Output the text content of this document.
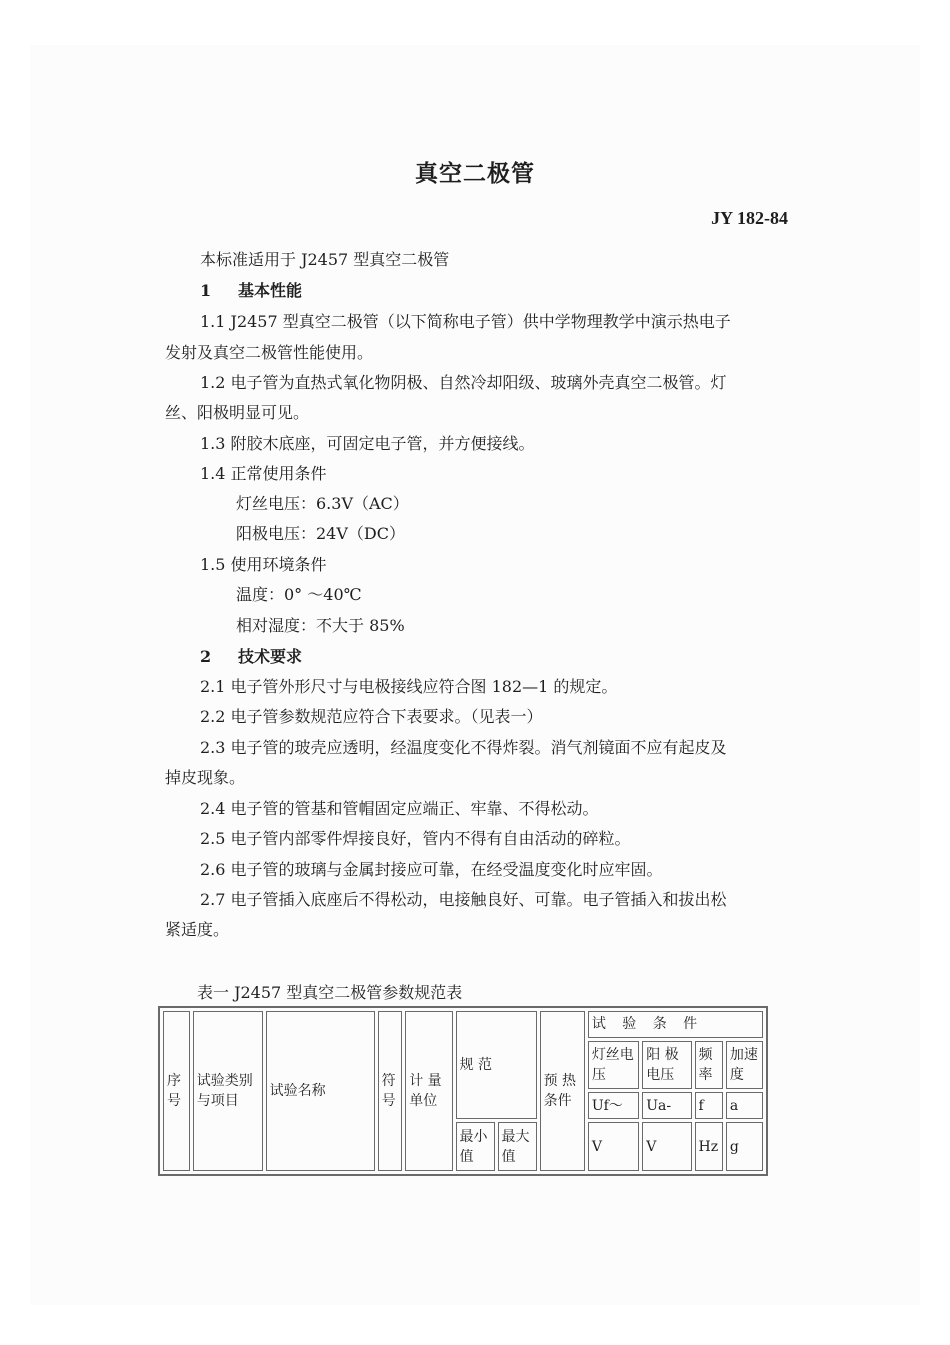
真空二极管
JY 182-84
本标准适用于 J2457 型真空二极管
1 基本性能
1.1 J2457 型真空二极管（以下简称电子管）供中学物理教学中演示热电子
发射及真空二极管性能使用。
1.2 电子管为直热式氧化物阴极、自然冷却阳级、玻璃外壳真空二极管。灯
丝、阳极明显可见。
1.3 附胶木底座，可固定电子管，并方便接线。
1.4 正常使用条件
灯丝电压：6.3V（AC）
阳极电压：24V（DC）
1.5 使用环境条件
温度：0° ～40℃
相对湿度：不大于 85%
2 技术要求
2.1 电子管外形尺寸与电极接线应符合图 182—1 的规定。
2.2 电子管参数规范应符合下表要求。（见表一）
2.3 电子管的玻壳应透明，经温度变化不得炸裂。消气剂镜面不应有起皮及
掉皮现象。
2.4 电子管的管基和管帽固定应端正、牢靠、不得松动。
2.5 电子管内部零件焊接良好，管内不得有自由活动的碎粒。
2.6 电子管的玻璃与金属封接应可靠，在经受温度变化时应牢固。
2.7 电子管插入底座后不得松动，电接触良好、可靠。电子管插入和拔出松
紧适度。
表一 J2457 型真空二极管参数规范表
序号	试验类别与项目	试验名称	符号	计 量单位	规 范		预 热条件	试 验 条 件			
								灯丝电压	阳 极电压	频率	加速度
								Uf～	Ua-	f	a
					最小值	最大值		V	V	Hz	g
